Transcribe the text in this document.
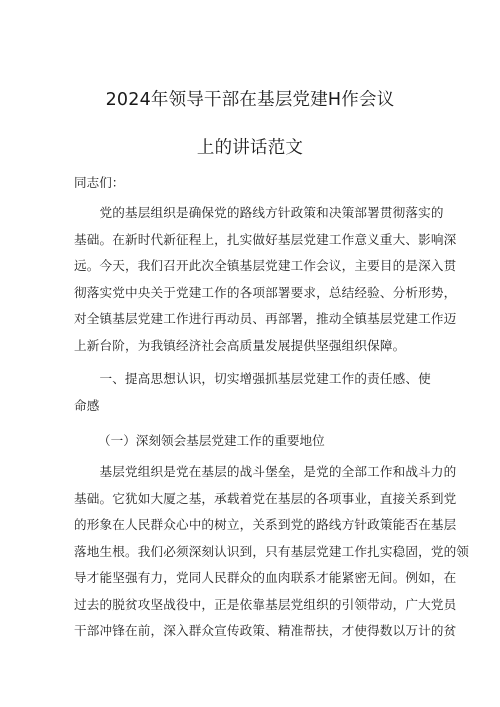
2024年领导干部在基层党建H作会议
上的讲话范文
同志们：
　　党的基层组织是确保党的路线方针政策和决策部署贯彻落实的
基础。在新时代新征程上，扎实做好基层党建工作意义重大、影响深
远。今天，我们召开此次全镇基层党建工作会议，主要目的是深入贯
彻落实党中央关于党建工作的各项部署要求，总结经验、分析形势，
对全镇基层党建工作进行再动员、再部署，推动全镇基层党建工作迈
上新台阶，为我镇经济社会高质量发展提供坚强组织保障。
　　一、提高思想认识，切实增强抓基层党建工作的责任感、使
命感
（一）深刻领会基层党建工作的重要地位
　　基层党组织是党在基层的战斗堡垒，是党的全部工作和战斗力的
基础。它犹如大厦之基，承载着党在基层的各项事业，直接关系到党
的形象在人民群众心中的树立，关系到党的路线方针政策能否在基层
落地生根。我们必须深刻认识到，只有基层党建工作扎实稳固，党的领
导才能坚强有力，党同人民群众的血肉联系才能紧密无间。例如，在
过去的脱贫攻坚战役中，正是依靠基层党组织的引领带动，广大党员
干部冲锋在前，深入群众宣传政策、精准帮扶，才使得数以万计的贫
